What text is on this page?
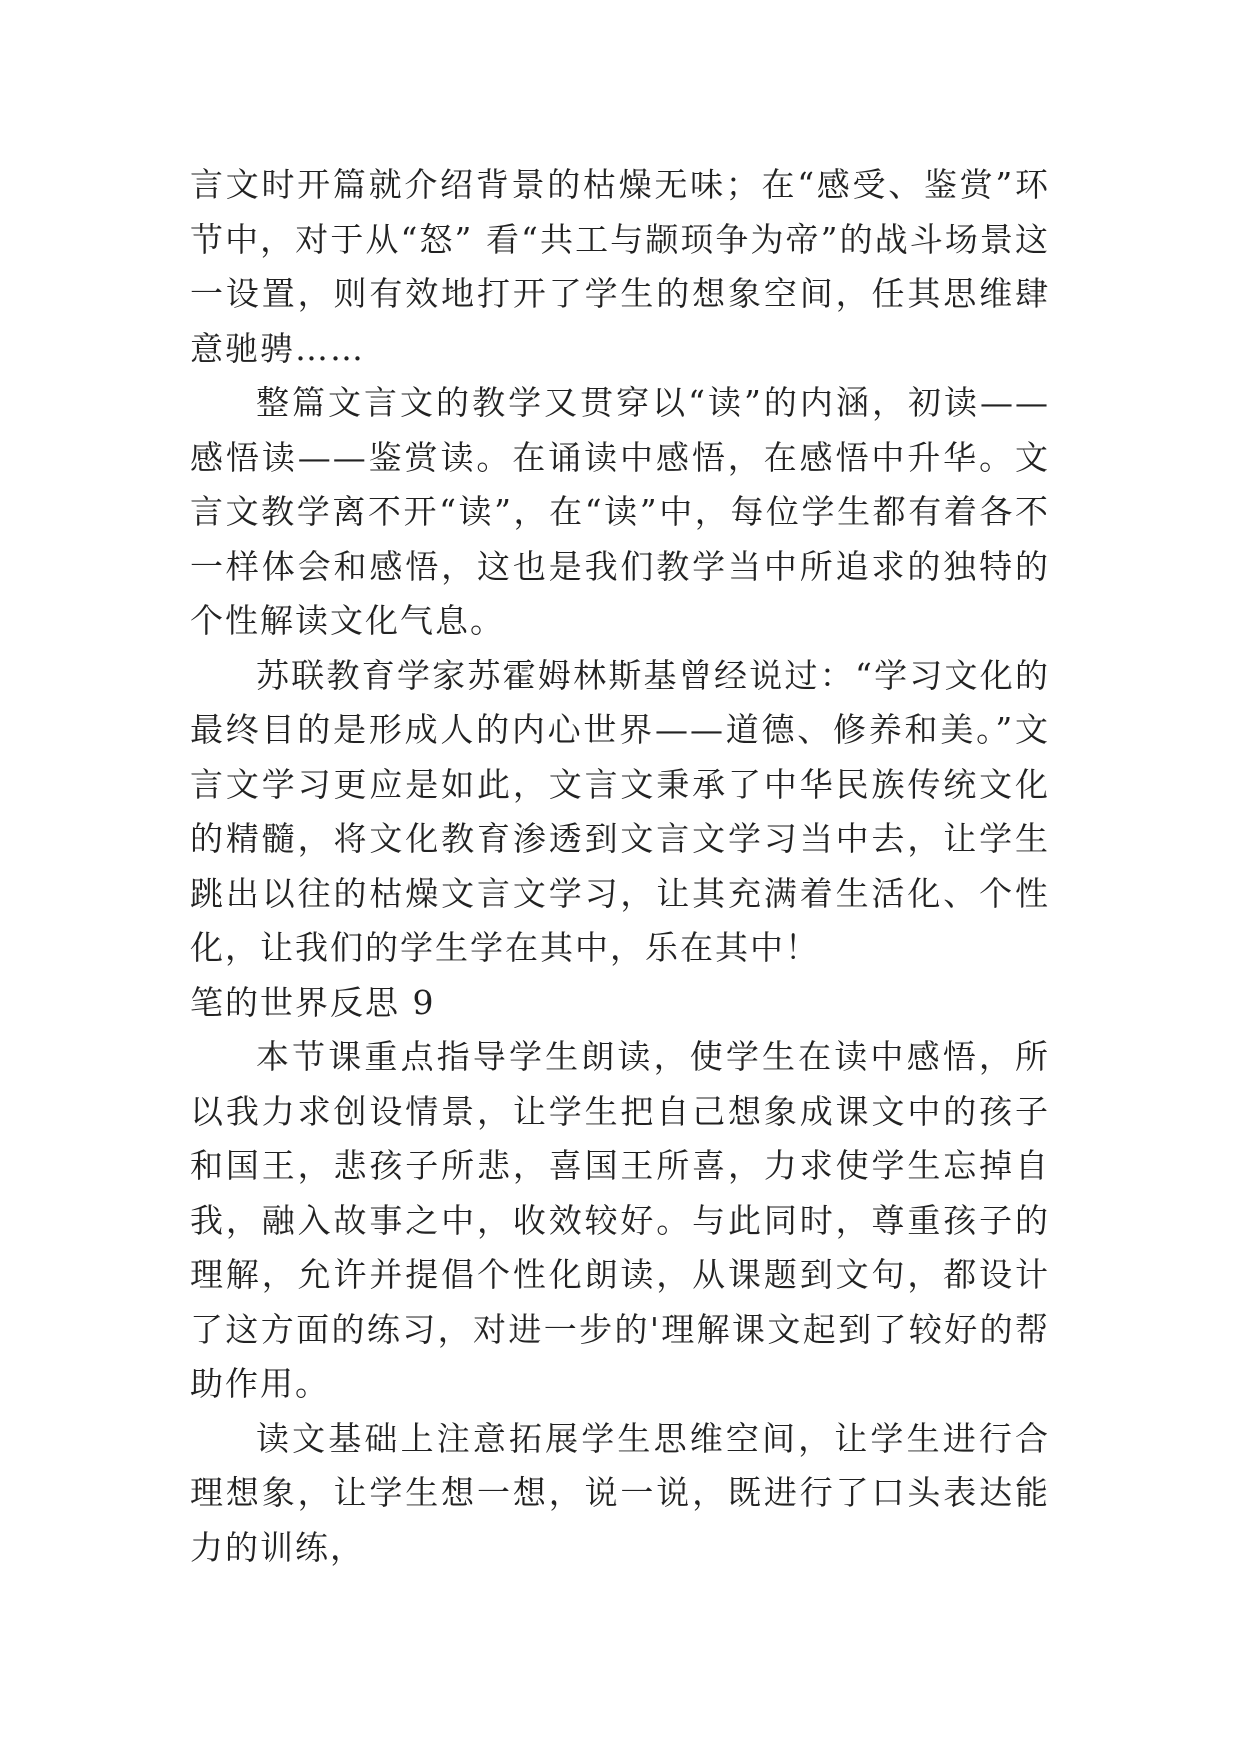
言文时开篇就介绍背景的枯燥无味；在“感受、鉴赏”环节中，对于从“怒” 看“共工与颛顼争为帝”的战斗场景这一设置，则有效地打开了学生的想象空间，任其思维肆意驰骋……

整篇文言文的教学又贯穿以“读”的内涵，初读——感悟读——鉴赏读。在诵读中感悟，在感悟中升华。文言文教学离不开“读”，在“读”中，每位学生都有着各不一样体会和感悟，这也是我们教学当中所追求的独特的个性解读文化气息。

苏联教育学家苏霍姆林斯基曾经说过：“学习文化的最终目的是形成人的内心世界——道德、修养和美。”文言文学习更应是如此，文言文秉承了中华民族传统文化的精髓，将文化教育渗透到文言文学习当中去，让学生跳出以往的枯燥文言文学习，让其充满着生活化、个性化，让我们的学生学在其中，乐在其中！

笔的世界反思 9

本节课重点指导学生朗读，使学生在读中感悟，所以我力求创设情景，让学生把自己想象成课文中的孩子和国王，悲孩子所悲，喜国王所喜，力求使学生忘掉自我，融入故事之中，收效较好。与此同时，尊重孩子的理解，允许并提倡个性化朗读，从课题到文句，都设计了这方面的练习，对进一步的'理解课文起到了较好的帮助作用。

读文基础上注意拓展学生思维空间，让学生进行合理想象，让学生想一想，说一说，既进行了口头表达能力的训练，
